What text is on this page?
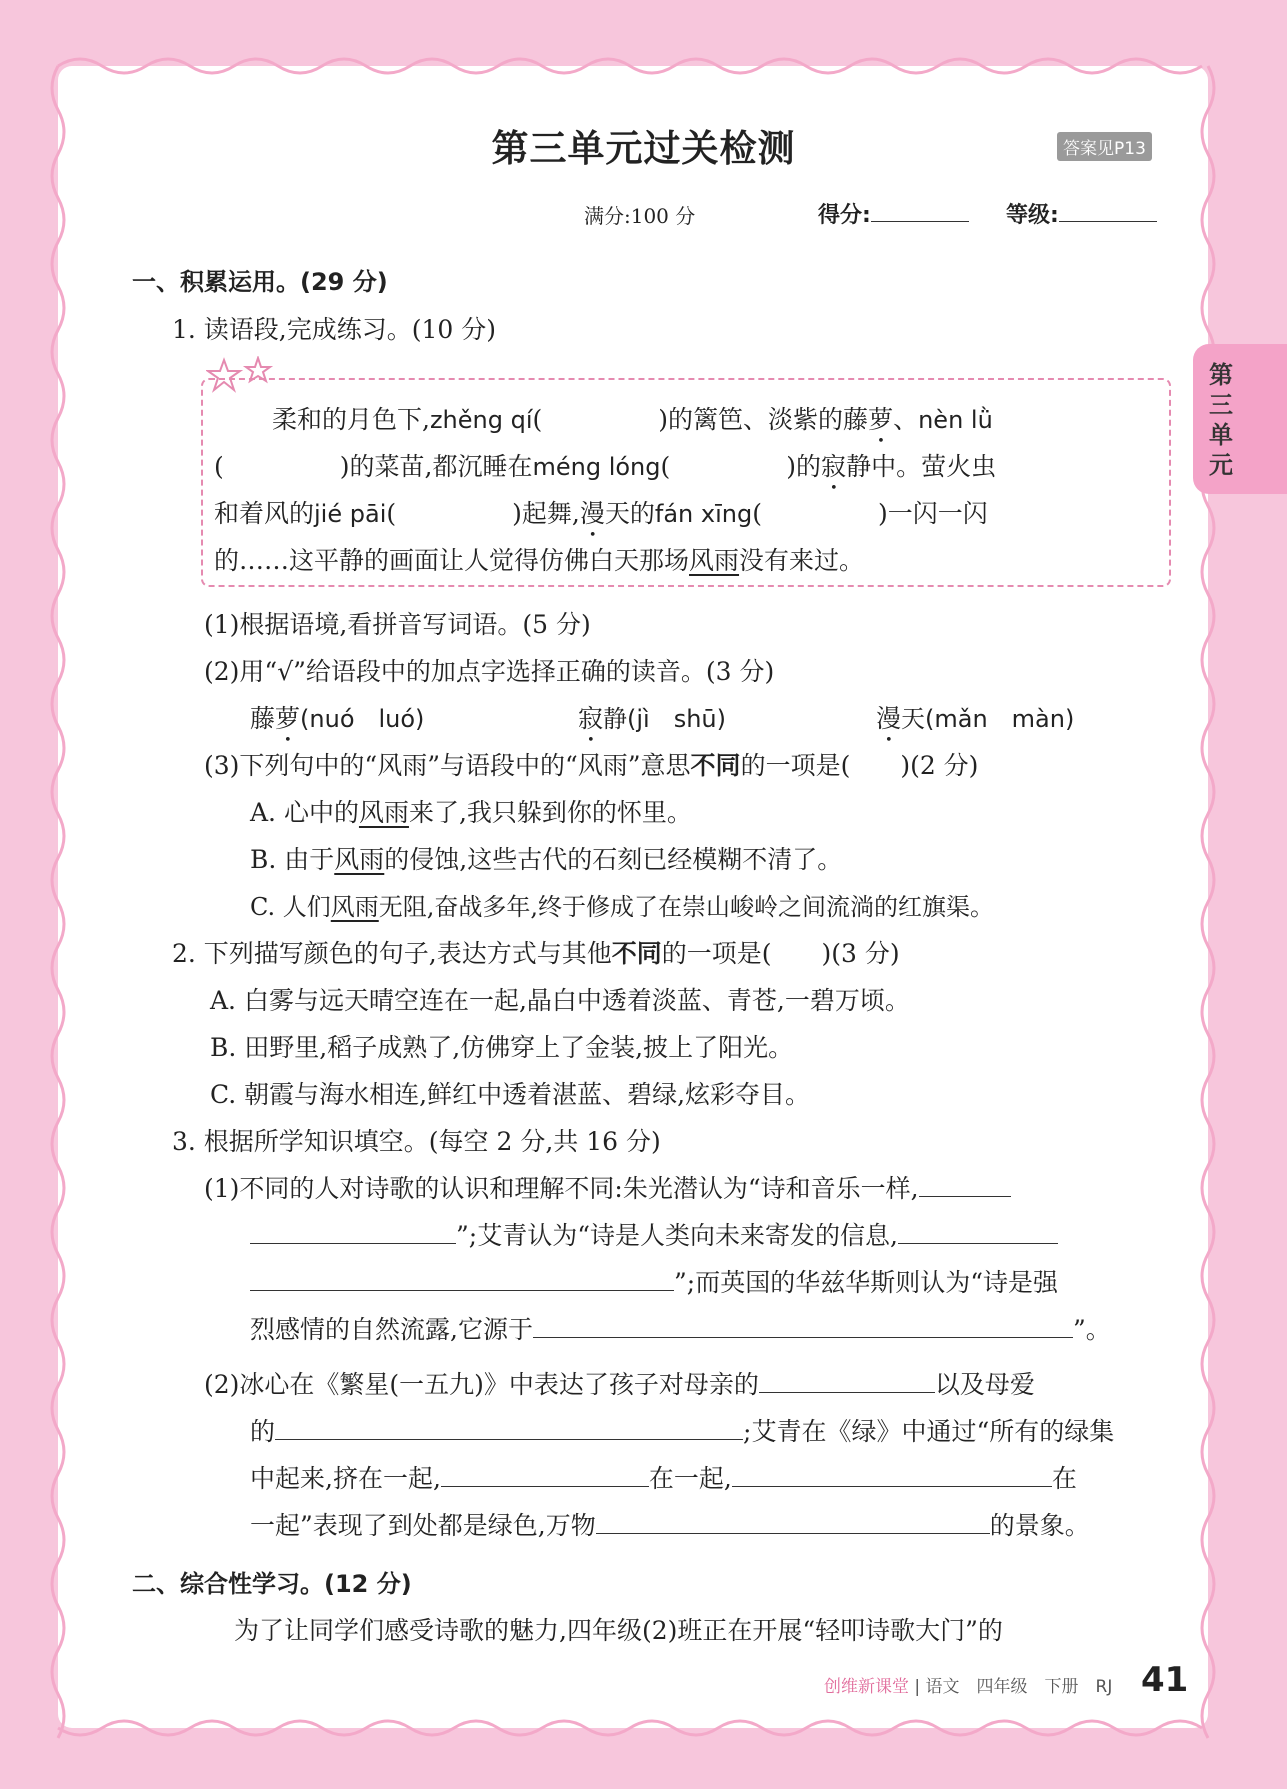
第三单元过关检测	答案见P13
满分:100 分	得分:	等级:
第三单元
一、积累运用。(29 分)
1. 读语段,完成练习。(10 分)
柔和的月色下,zhěng qí(	)的篱笆、淡紫的藤萝、nèn lǜ
(	)的菜苗,都沉睡在méng lóng(	)的寂静中。萤火虫
和着风的jié pāi(	)起舞,漫天的fán xīng(	)一闪一闪
的……这平静的画面让人觉得仿佛白天那场风雨没有来过。
(1)根据语境,看拼音写词语。(5 分)
(2)用“√”给语段中的加点字选择正确的读音。(3 分)
藤萝(nuó　luó)	寂静(jì　shū)	漫天(mǎn　màn)
(3)下列句中的“风雨”与语段中的“风雨”意思不同的一项是(　　)(2 分)
A. 心中的风雨来了,我只躲到你的怀里。
B. 由于风雨的侵蚀,这些古代的石刻已经模糊不清了。
C. 人们风雨无阻,奋战多年,终于修成了在崇山峻岭之间流淌的红旗渠。
2. 下列描写颜色的句子,表达方式与其他不同的一项是(　　)(3 分)
A. 白雾与远天晴空连在一起,晶白中透着淡蓝、青苍,一碧万顷。
B. 田野里,稻子成熟了,仿佛穿上了金装,披上了阳光。
C. 朝霞与海水相连,鲜红中透着湛蓝、碧绿,炫彩夺目。
3. 根据所学知识填空。(每空 2 分,共 16 分)
(1)不同的人对诗歌的认识和理解不同:朱光潜认为“诗和音乐一样,
”;艾青认为“诗是人类向未来寄发的信息,
”;而英国的华兹华斯则认为“诗是强
烈感情的自然流露,它源于	”。
(2)冰心在《繁星(一五九)》中表达了孩子对母亲的	以及母爱
的	;艾青在《绿》中通过“所有的绿集
中起来,挤在一起,	在一起,	在
一起”表现了到处都是绿色,万物	的景象。
二、综合性学习。(12 分)
为了让同学们感受诗歌的魅力,四年级(2)班正在开展“轻叩诗歌大门”的
创维新课堂 | 语文　四年级　下册　RJ 41
